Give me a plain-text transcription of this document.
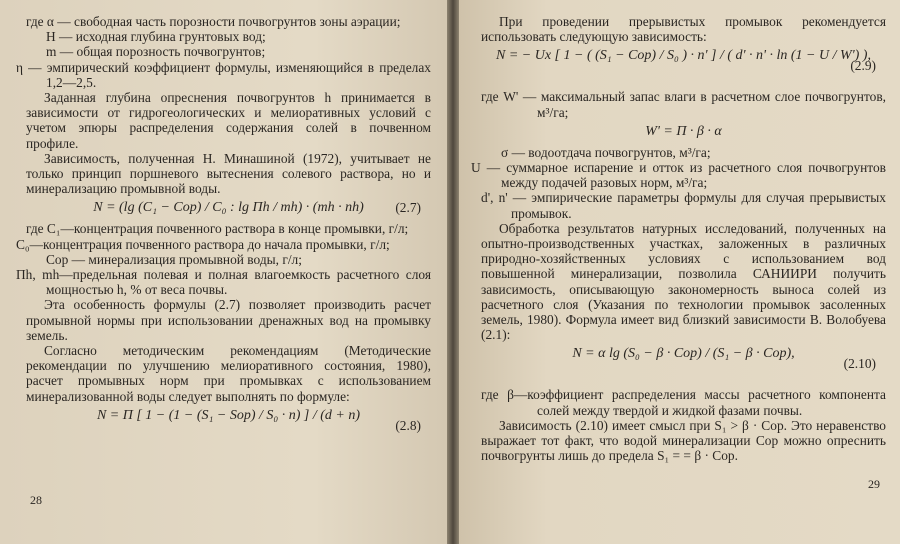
где α — свободная часть порозности почвогрунтов зоны аэрации;

H — исходная глубина грунтовых вод;

m — общая порозность почвогрунтов;

η — эмпирический коэффициент формулы, изменяющийся в пределах 1,2—2,5.

Заданная глубина опреснения почвогрунтов h принимается в зависимости от гидрогеологических и мелиоративных условий с учетом эпюры распределения содержания солей в почвенном профиле.

Зависимость, полученная Н. Минашиной (1972), учитывает не только принцип поршневого вытеснения солевого раствора, но и минерализацию промывной воды.

N = (lg (C₁ − Cop) / C₀ : lg Пh / mh) · (mh · nh) (2.7)

где C₁—концентрация почвенного раствора в конце промывки, г/л;

C₀—концентрация почвенного раствора до начала промывки, г/л;

Cop — минерализация промывной воды, г/л;

Пh, mh—предельная полевая и полная влагоемкость расчетного слоя мощностью h, % от веса почвы.

Эта особенность формулы (2.7) позволяет производить расчет промывной нормы при использовании дренажных вод на промывку земель.

Согласно методическим рекомендациям (Методические рекомендации по улучшению мелиоративного состояния, 1980), расчет промывных норм при промывках с использованием минерализованной воды следует выполнять по формуле:

N = П [ 1 − (1 − (S₁ − Sop) / S₀ · n) ] / (d + n)
(2.8)
28

При проведении прерывистых промывок рекомендуется использовать следующую зависимость:

N = − Ux [ 1 − ( (S₁ − Cop) / S₀ ) · n' ] / ( d' · n' · ln (1 − U / W') ),
(2.9)

где W' — максимальный запас влаги в расчетном слое почвогрунтов, м³/га;

W' = П · β · α

σ — водоотдача почвогрунтов, м³/га;

U — суммарное испарение и отток из расчетного слоя почвогрунтов между подачей разовых норм, м³/га;

d', n' — эмпирические параметры формулы для случая прерывистых промывок.

Обработка результатов натурных исследований, полученных на опытно-производственных участках, заложенных в различных природно-хозяйственных условиях с использованием вод повышенной минерализации, позволила САНИИРИ получить зависимость, описывающую закономерность выноса солей из расчетного слоя (Указания по технологии промывок засоленных земель, 1980). Формула имеет вид близкий зависимости В. Волобуева (2.1):

N = α lg (S₀ − β · Cop) / (S₁ − β · Cop),
(2.10)

где β—коэффициент распределения массы расчетного компонента солей между твердой и жидкой фазами почвы.

Зависимость (2.10) имеет смысл при S₁ > β · Cop. Это неравенство выражает тот факт, что водой минерализации Cop можно опреснить почвогрунты лишь до предела S₁ = = β · Cop.

29
